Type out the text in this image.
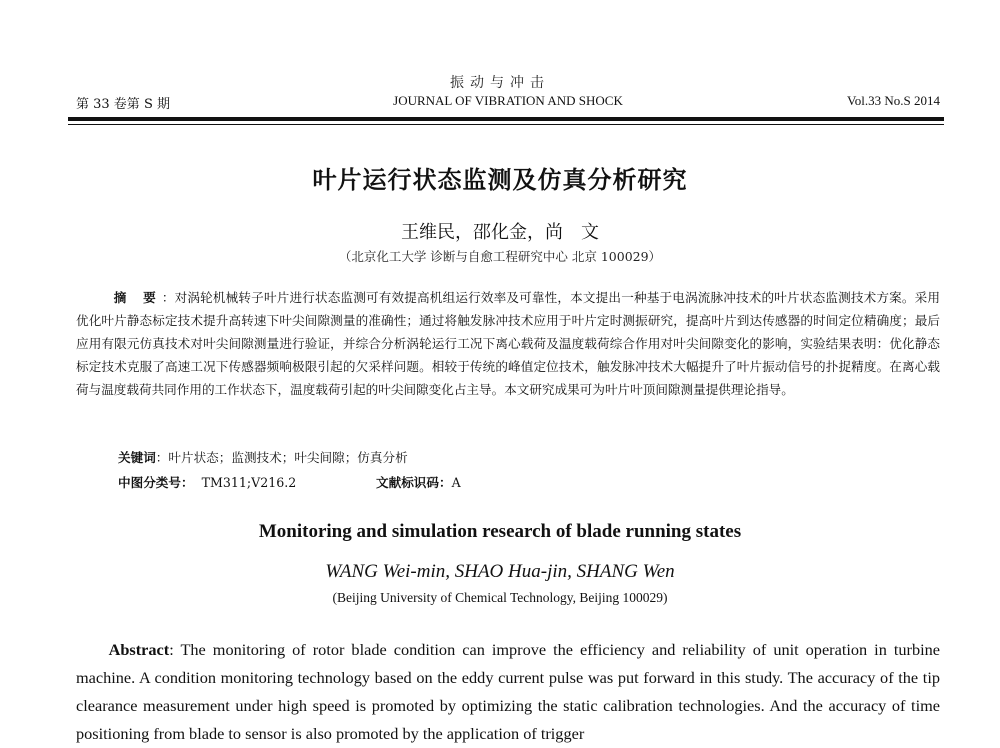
振动与冲击
JOURNAL OF VIBRATION AND SHOCK
第 33 卷第 S 期	Vol.33 No.S 2014
叶片运行状态监测及仿真分析研究
王维民，邵化金，尚　文
（北京化工大学 诊断与自愈工程研究中心 北京 100029）
摘 要：对涡轮机械转子叶片进行状态监测可有效提高机组运行效率及可靠性，本文提出一种基于电涡流脉冲技术的叶片状态监测技术方案。采用优化叶片静态标定技术提升高转速下叶尖间隙测量的准确性；通过将触发脉冲技术应用于叶片定时测振研究，提高叶片到达传感器的时间定位精确度；最后应用有限元仿真技术对叶尖间隙测量进行验证，并综合分析涡轮运行工况下离心载荷及温度载荷综合作用对叶尖间隙变化的影响，实验结果表明：优化静态标定技术克服了高速工况下传感器频响极限引起的欠采样问题。相较于传统的峰值定位技术，触发脉冲技术大幅提升了叶片振动信号的扑捉精度。在离心载荷与温度载荷共同作用的工作状态下，温度载荷引起的叶尖间隙变化占主导。本文研究成果可为叶片叶顶间隙测量提供理论指导。
关键词：叶片状态；监测技术；叶尖间隙；仿真分析
中图分类号： TM311;V216.2	文献标识码：A
Monitoring and simulation research of blade running states
WANG Wei-min, SHAO Hua-jin, SHANG Wen
(Beijing University of Chemical Technology, Beijing 100029)
Abstract: The monitoring of rotor blade condition can improve the efficiency and reliability of unit operation in turbine machine. A condition monitoring technology based on the eddy current pulse was put forward in this study. The accuracy of the tip clearance measurement under high speed is promoted by optimizing the static calibration technologies. And the accuracy of time positioning from blade to sensor is also promoted by the application of trigger
